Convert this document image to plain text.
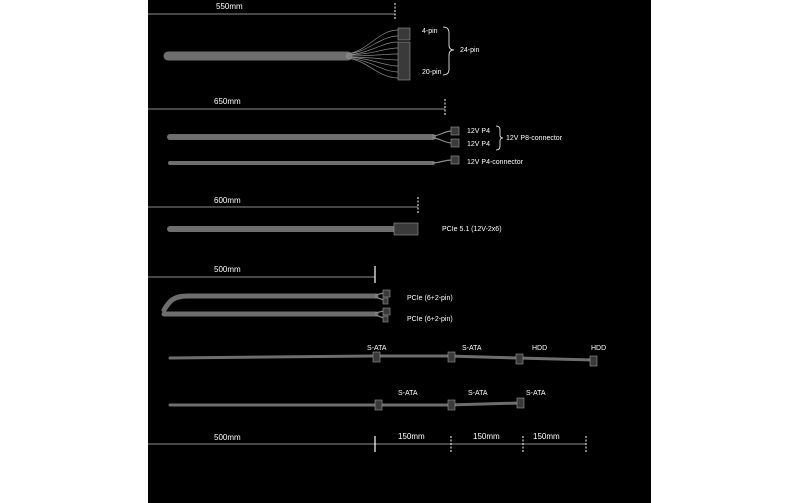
550mm
4-pin
20-pin
24-pin
650mm
12V P4
12V P4
12V P8-connector
12V P4-connector
600mm
PCIe 5.1 (12V-2x6)
500mm
PCIe (6+2-pin)
PCIe (6+2-pin)
S-ATA	S-ATA	HDD	HDD
S-ATA	S-ATA	S-ATA
500mm	150mm	150mm	150mm
